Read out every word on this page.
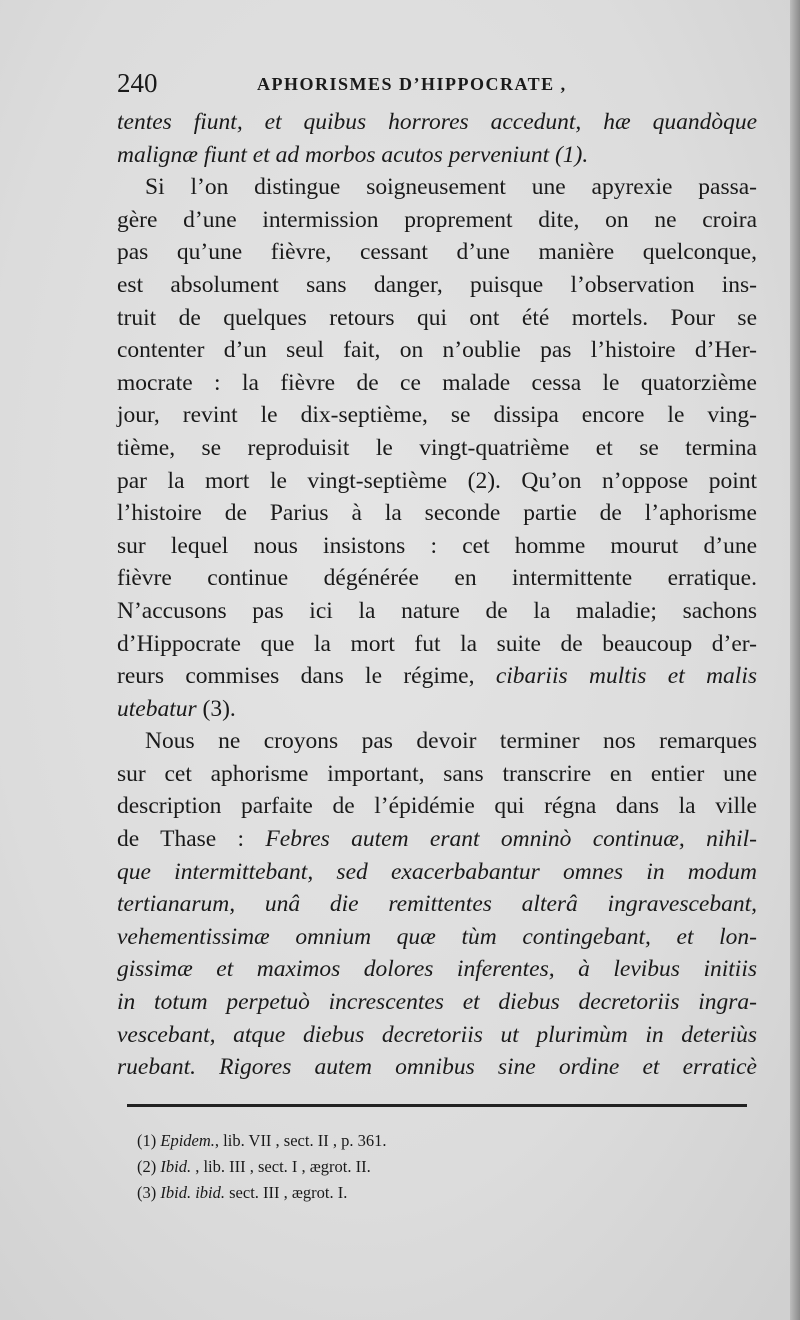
240	APHORISMES D’HIPPOCRATE ,
tentes fiunt, et quibus horrores accedunt, hæ quandòque
malignæ fiunt et ad morbos acutos perveniunt (1).
Si l’on distingue soigneusement une apyrexie passa-
gère d’une intermission proprement dite, on ne croira
pas qu’une fièvre, cessant d’une manière quelconque,
est absolument sans danger, puisque l’observation ins-
truit de quelques retours qui ont été mortels. Pour se
contenter d’un seul fait, on n’oublie pas l’histoire d’Her-
mocrate : la fièvre de ce malade cessa le quatorzième
jour, revint le dix-septième, se dissipa encore le ving-
tième, se reproduisit le vingt-quatrième et se termina
par la mort le vingt-septième (2). Qu’on n’oppose point
l’histoire de Parius à la seconde partie de l’aphorisme
sur lequel nous insistons : cet homme mourut d’une
fièvre continue dégénérée en intermittente erratique.
N’accusons pas ici la nature de la maladie; sachons
d’Hippocrate que la mort fut la suite de beaucoup d’er-
reurs commises dans le régime, cibariis multis et malis
utebatur (3).
Nous ne croyons pas devoir terminer nos remarques
sur cet aphorisme important, sans transcrire en entier une
description parfaite de l’épidémie qui régna dans la ville
de Thase : Febres autem erant omninò continuæ, nihil-
que intermittebant, sed exacerbabantur omnes in modum
tertianarum, unâ die remittentes alterâ ingravescebant,
vehementissimæ omnium quæ tùm contingebant, et lon-
gissimæ et maximos dolores inferentes, à levibus initiis
in totum perpetuò increscentes et diebus decretoriis ingra-
vescebant, atque diebus decretoriis ut plurimùm in deteriùs
ruebant. Rigores autem omnibus sine ordine et erraticè
(1) Epidem., lib. VII , sect. II , p. 361.
(2) Ibid. , lib. III , sect. I , ægrot. II.
(3) Ibid. ibid. sect. III , ægrot. I.
